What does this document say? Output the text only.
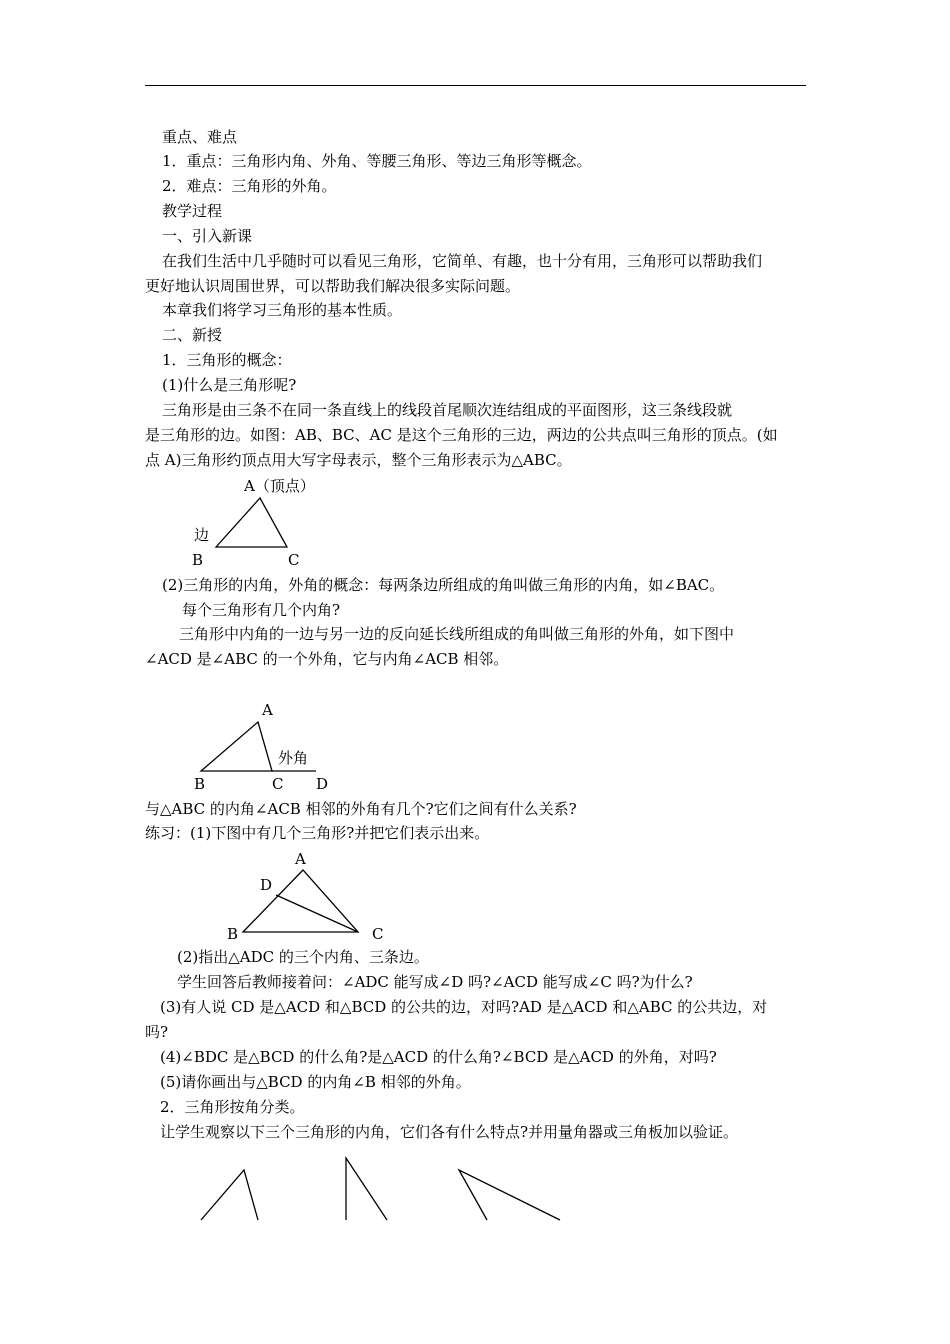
重点、难点
1．重点：三角形内角、外角、等腰三角形、等边三角形等概念。
2．难点：三角形的外角。
教学过程
一、引入新课
在我们生活中几乎随时可以看见三角形，它简单、有趣，也十分有用，三角形可以帮助我们
更好地认识周围世界，可以帮助我们解决很多实际问题。
本章我们将学习三角形的基本性质。
二、新授
1．三角形的概念：
(1)什么是三角形呢?
三角形是由三条不在同一条直线上的线段首尾顺次连结组成的平面图形，这三条线段就
是三角形的边。如图：AB、BC、AC 是这个三角形的三边，两边的公共点叫三角形的顶点。(如
点 A)三角形约顶点用大写字母表示，整个三角形表示为△ABC。
(2)三角形的内角，外角的概念：每两条边所组成的角叫做三角形的内角，如∠BAC。
每个三角形有几个内角?
三角形中内角的一边与另一边的反向延长线所组成的角叫做三角形的外角，如下图中
∠ACD 是∠ABC 的一个外角，它与内角∠ACB 相邻。
与△ABC 的内角∠ACB 相邻的外角有几个?它们之间有什么关系?
练习：(1)下图中有几个三角形?并把它们表示出来。
(2)指出△ADC 的三个内角、三条边。
学生回答后教师接着问：∠ADC 能写成∠D 吗?∠ACD 能写成∠C 吗?为什么?
(3)有人说 CD 是△ACD 和△BCD 的公共的边，对吗?AD 是△ACD 和△ABC 的公共边，对
吗?
(4)∠BDC 是△BCD 的什么角?是△ACD 的什么角?∠BCD 是△ACD 的外角，对吗?
(5)请你画出与△BCD 的内角∠B 相邻的外角。
2．三角形按角分类。
让学生观察以下三个三角形的内角，它们各有什么特点?并用量角器或三角板加以验证。
A（顶点）
边
B	C
A
外角
B	C D
A
D
B	C
